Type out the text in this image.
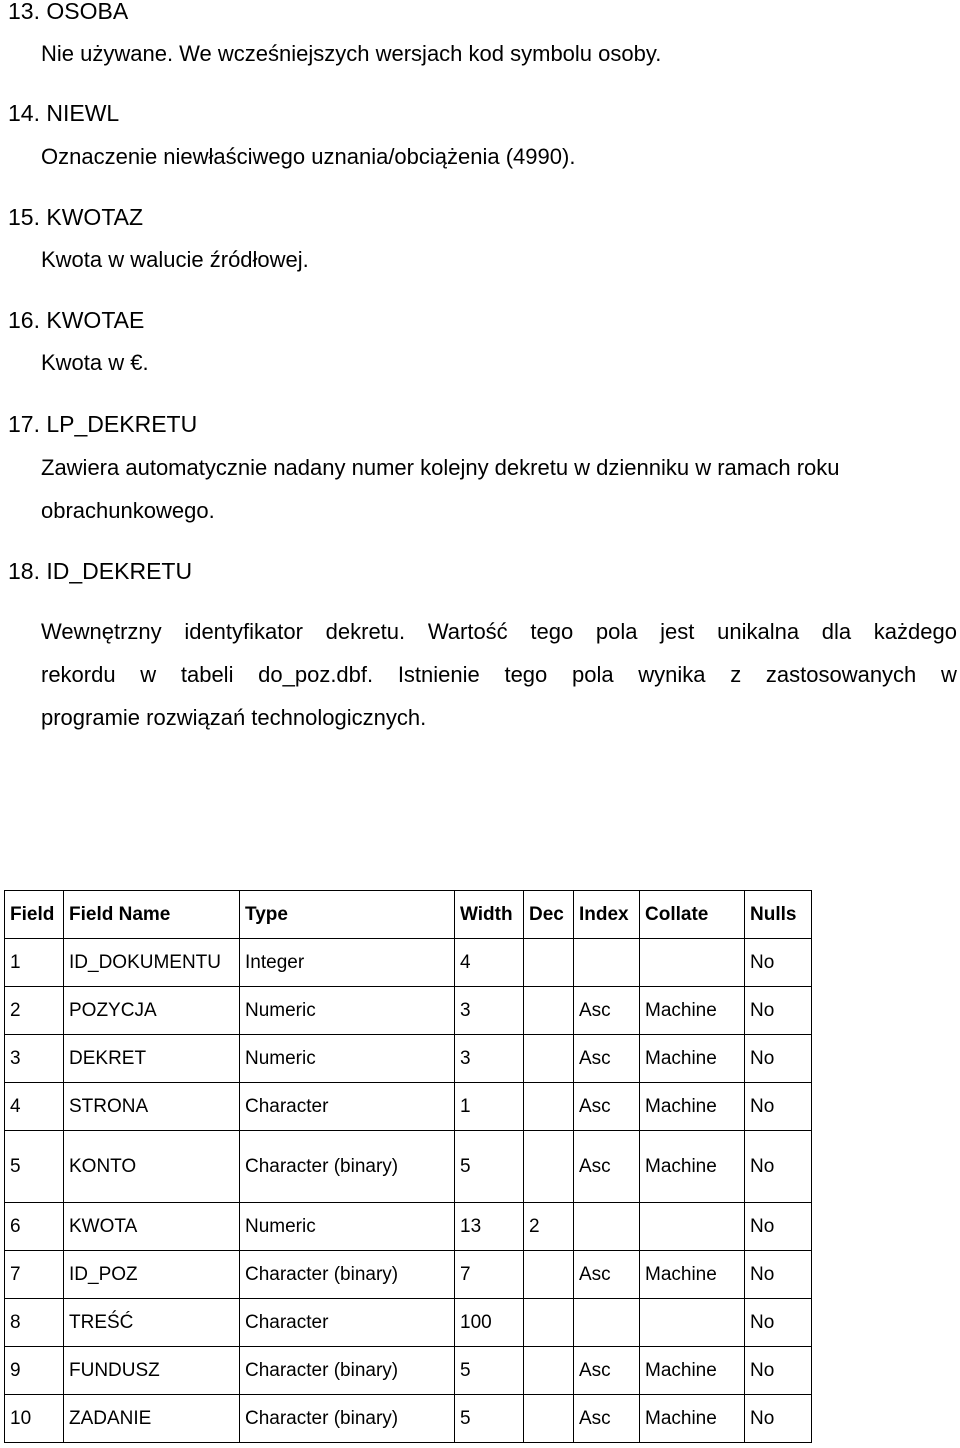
13. OSOBA
Nie używane. We wcześniejszych wersjach kod symbolu osoby.
14. NIEWL
Oznaczenie niewłaściwego uznania/obciążenia (4990).
15. KWOTAZ
Kwota w walucie źródłowej.
16. KWOTAE
Kwota w €.
17. LP_DEKRETU
Zawiera automatycznie nadany numer kolejny dekretu w dzienniku w ramach roku
obrachunkowego.
18. ID_DEKRETU
Wewnętrzny identyfikator dekretu. Wartość tego pola jest unikalna dla każdego
rekordu w tabeli do_poz.dbf. Istnienie tego pola wynika z zastosowanych w
programie rozwiązań technologicznych.
Field	Field Name	Type	Width	Dec	Index	Collate	Nulls
1	ID_DOKUMENTU	Integer	4				No
2	POZYCJA	Numeric	3		Asc	Machine	No
3	DEKRET	Numeric	3		Asc	Machine	No
4	STRONA	Character	1		Asc	Machine	No
5	KONTO	Character (binary)	5		Asc	Machine	No
6	KWOTA	Numeric	13	2			No
7	ID_POZ	Character (binary)	7		Asc	Machine	No
8	TREŚĆ	Character	100				No
9	FUNDUSZ	Character (binary)	5		Asc	Machine	No
10	ZADANIE	Character (binary)	5		Asc	Machine	No
